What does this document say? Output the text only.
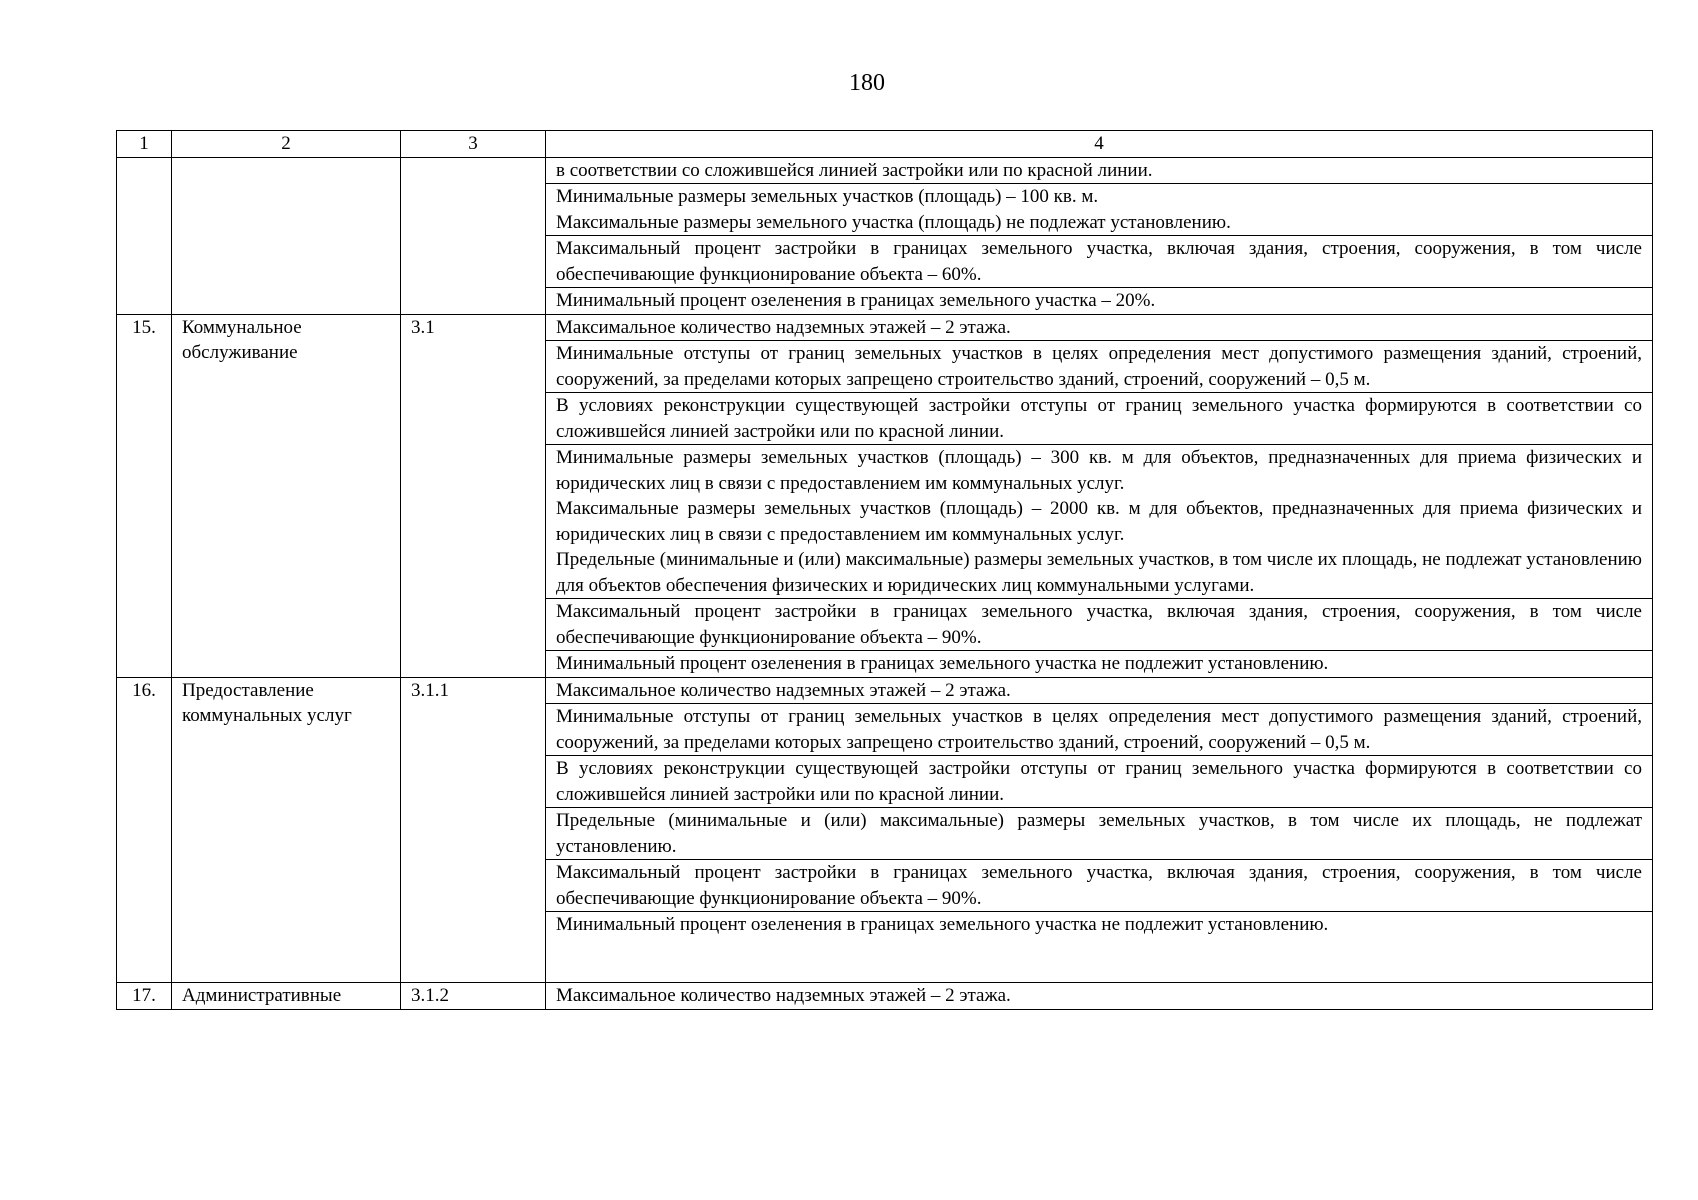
180
1	2	3	4

			в соответствии со сложившейся линией застройки или по красной линии.

			Минимальные размеры земельных участков (площадь) – 100 кв. м.
Максимальные размеры земельного участка (площадь) не подлежат установлению.

			Максимальный процент застройки в границах земельного участка, включая здания, строения, сооружения, в том числе обеспечивающие функционирование объекта – 60%.

			Минимальный процент озеленения в границах земельного участка – 20%.

15.	Коммунальное обслуживание	3.1	Максимальное количество надземных этажей – 2 этажа.

			Минимальные отступы от границ земельных участков в целях определения мест допустимого размещения зданий, строений, сооружений, за пределами которых запрещено строительство зданий, строений, сооружений – 0,5 м.

			В условиях реконструкции существующей застройки отступы от границ земельного участка формируются в соответствии со сложившейся линией застройки или по красной линии.

			Минимальные размеры земельных участков (площадь) – 300 кв. м для объектов, предназначенных для приема физических и юридических лиц в связи с предоставлением им коммунальных услуг.
Максимальные размеры земельных участков (площадь) – 2000 кв. м для объектов, предназначенных для приема физических и юридических лиц в связи с предоставлением им коммунальных услуг.
Предельные (минимальные и (или) максимальные) размеры земельных участков, в том числе их площадь, не подлежат установлению для объектов обеспечения физических и юридических лиц коммунальными услугами.

			Максимальный процент застройки в границах земельного участка, включая здания, строения, сооружения, в том числе обеспечивающие функционирование объекта – 90%.

			Минимальный процент озеленения в границах земельного участка не подлежит установлению.

16.	Предоставление коммунальных услуг	3.1.1	Максимальное количество надземных этажей – 2 этажа.

			Минимальные отступы от границ земельных участков в целях определения мест допустимого размещения зданий, строений, сооружений, за пределами которых запрещено строительство зданий, строений, сооружений – 0,5 м.

			В условиях реконструкции существующей застройки отступы от границ земельного участка формируются в соответствии со сложившейся линией застройки или по красной линии.

			Предельные (минимальные и (или) максимальные) размеры земельных участков, в том числе их площадь, не подлежат установлению.

			Максимальный процент застройки в границах земельного участка, включая здания, строения, сооружения, в том числе обеспечивающие функционирование объекта – 90%.

			Минимальный процент озеленения в границах земельного участка не подлежит установлению.

17.	Административные	3.1.2	Максимальное количество надземных этажей – 2 этажа.
